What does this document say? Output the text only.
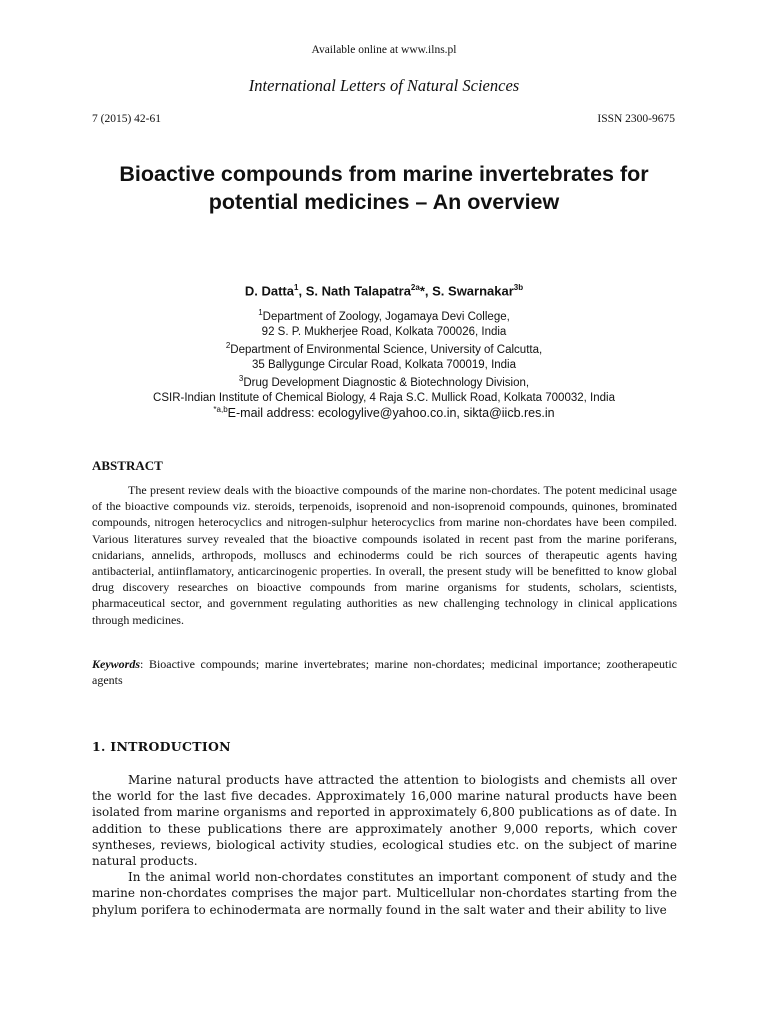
Available online at www.ilns.pl
International Letters of Natural Sciences
7 (2015) 42-61	ISSN 2300-9675
Bioactive compounds from marine invertebrates for
potential medicines – An overview
D. Datta$^1$, S. Nath Talapatra$^{2a}$*, S. Swarnakar$^{3b}$
$^1$Department of Zoology, Jogamaya Devi College,
92 S. P. Mukherjee Road, Kolkata 700026, India
$^2$Department of Environmental Science, University of Calcutta,
35 Ballygunge Circular Road, Kolkata 700019, India
$^3$Drug Development Diagnostic & Biotechnology Division,
CSIR-Indian Institute of Chemical Biology, 4 Raja S.C. Mullick Road, Kolkata 700032, India
$^{*a,b}$E-mail address: ecologylive@yahoo.co.in, sikta@iicb.res.in
ABSTRACT
The present review deals with the bioactive compounds of the marine non-chordates. The potent medicinal usage of the bioactive compounds viz. steroids, terpenoids, isoprenoid and non-isoprenoid compounds, quinones, brominated compounds, nitrogen heterocyclics and nitrogen-sulphur heterocyclics from marine non-chordates have been compiled. Various literatures survey revealed that the bioactive compounds isolated in recent past from the marine poriferans, cnidarians, annelids, arthropods, molluscs and echinoderms could be rich sources of therapeutic agents having antibacterial, antiinflamatory, anticarcinogenic properties. In overall, the present study will be benefitted to know global drug discovery researches on bioactive compounds from marine organisms for students, scholars, scientists, pharmaceutical sector, and government regulating authorities as new challenging technology in clinical applications through medicines.
Keywords: Bioactive compounds; marine invertebrates; marine non-chordates; medicinal importance; zootherapeutic agents
1. INTRODUCTION

Marine natural products have attracted the attention to biologists and chemists all over the world for the last five decades. Approximately 16,000 marine natural products have been isolated from marine organisms and reported in approximately 6,800 publications as of date. In addition to these publications there are approximately another 9,000 reports, which cover syntheses, reviews, biological activity studies, ecological studies etc. on the subject of marine natural products.

In the animal world non-chordates constitutes an important component of study and the marine non-chordates comprises the major part. Multicellular non-chordates starting from the phylum porifera to echinodermata are normally found in the salt water and their ability to live
